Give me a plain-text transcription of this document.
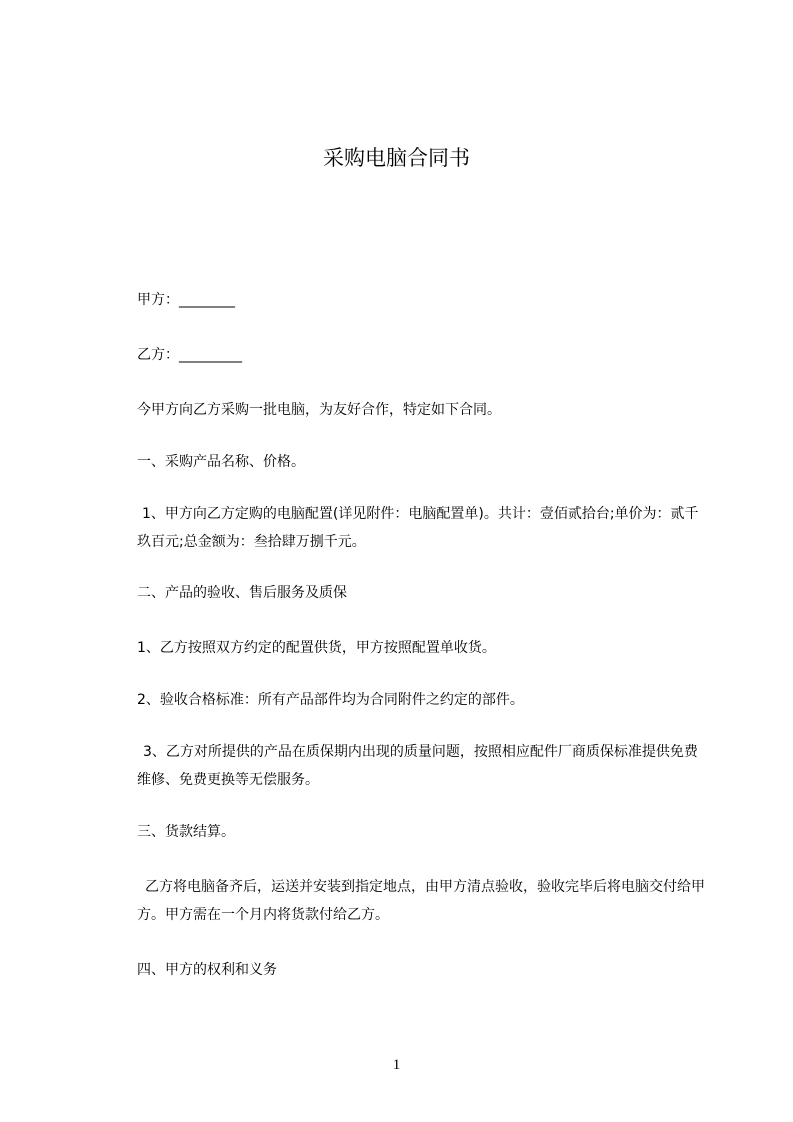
采购电脑合同书
甲方：________
乙方：_________
今甲方向乙方采购一批电脑，为友好合作，特定如下合同。
一、采购产品名称、价格。
1、甲方向乙方定购的电脑配置(详见附件：电脑配置单)。共计：壹佰贰拾台;单价为：贰千玖百元;总金额为：叁拾肆万捌千元。
二、产品的验收、售后服务及质保
1、乙方按照双方约定的配置供货，甲方按照配置单收货。
2、验收合格标准：所有产品部件均为合同附件之约定的部件。
3、乙方对所提供的产品在质保期内出现的质量问题，按照相应配件厂商质保标准提供免费维修、免费更换等无偿服务。
三、货款结算。
乙方将电脑备齐后，运送并安装到指定地点，由甲方清点验收，验收完毕后将电脑交付给甲方。甲方需在一个月内将货款付给乙方。
四、甲方的权利和义务
1
